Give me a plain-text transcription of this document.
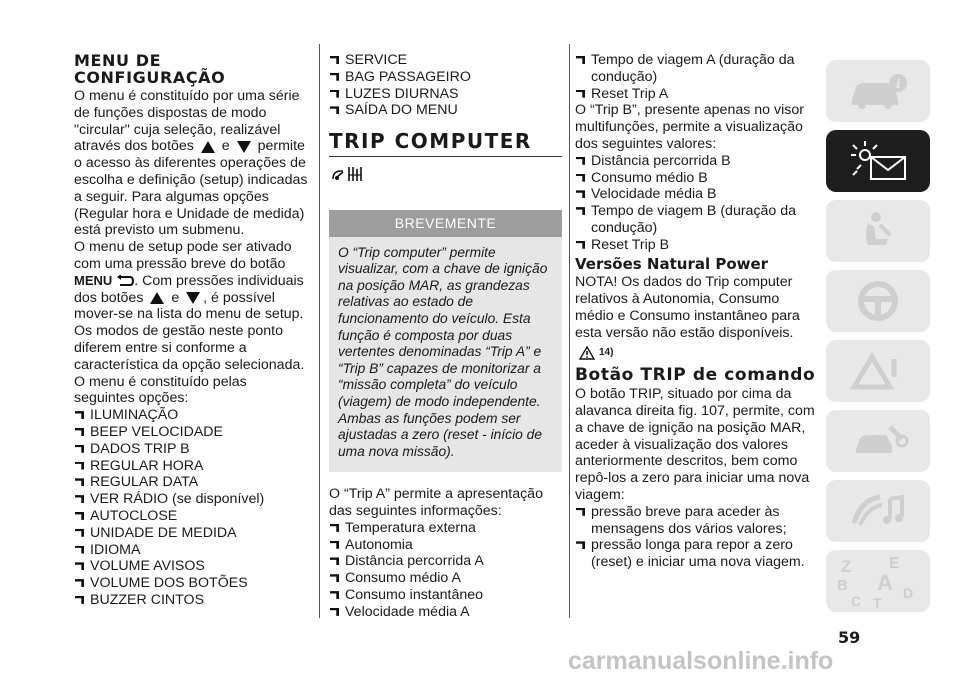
MENU DE CONFIGURAÇÃO

O menu é constituído por uma série de funções dispostas de modo "circular" cuja seleção, realizável através dos botões e permite o acesso às diferentes operações de escolha e definição (setup) indicadas a seguir. Para algumas opções (Regular hora e Unidade de medida) está previsto um submenu.

O menu de setup pode ser ativado com uma pressão breve do botão MENU . Com pressões individuais dos botões e , é possível mover-se na lista do menu de setup. Os modos de gestão neste ponto diferem entre si conforme a característica da opção selecionada. O menu é constituído pelas seguintes opções:

ILUMINAÇÃO
BEEP VELOCIDADE
DADOS TRIP B
REGULAR HORA
REGULAR DATA
VER RÁDIO (se disponível)
AUTOCLOSE
UNIDADE DE MEDIDA
IDIOMA
VOLUME AVISOS
VOLUME DOS BOTÕES
BUZZER CINTOS
SERVICE
BAG PASSAGEIRO
LUZES DIURNAS
SAÍDA DO MENU
TRIP COMPUTER
BREVEMENTE
O “Trip computer” permite visualizar, com a chave de ignição na posição MAR, as grandezas relativas ao estado de funcionamento do veículo. Esta função é composta por duas vertentes denominadas “Trip A” e “Trip B” capazes de monitorizar a “missão completa” do veículo (viagem) de modo independente. Ambas as funções podem ser ajustadas a zero (reset - início de uma nova missão).

O “Trip A” permite a apresentação das seguintes informações:

Temperatura externa
Autonomia
Distância percorrida A
Consumo médio A
Consumo instantâneo
Velocidade média A
Tempo de viagem A (duração da condução)
Reset Trip A

O “Trip B”, presente apenas no visor multifunções, permite a visualização dos seguintes valores:

Distância percorrida B
Consumo médio B
Velocidade média B
Tempo de viagem B (duração da condução)
Reset Trip B
Versões Natural Power

NOTA! Os dados do Trip computer relativos à Autonomia, Consumo médio e Consumo instantâneo para esta versão não estão disponíveis.

14)
Botão TRIP de comando

O botão TRIP, situado por cima da alavanca direita fig. 107, permite, com a chave de ignição na posição MAR, aceder à visualização dos valores anteriormente descritos, bem como repô-los a zero para iniciar uma nova viagem:

pressão breve para aceder às mensagens dos vários valores;
pressão longa para repor a zero (reset) e iniciar uma nova viagem.
i
Z E
B A
C	D
T
59
carmanualsonline.info
